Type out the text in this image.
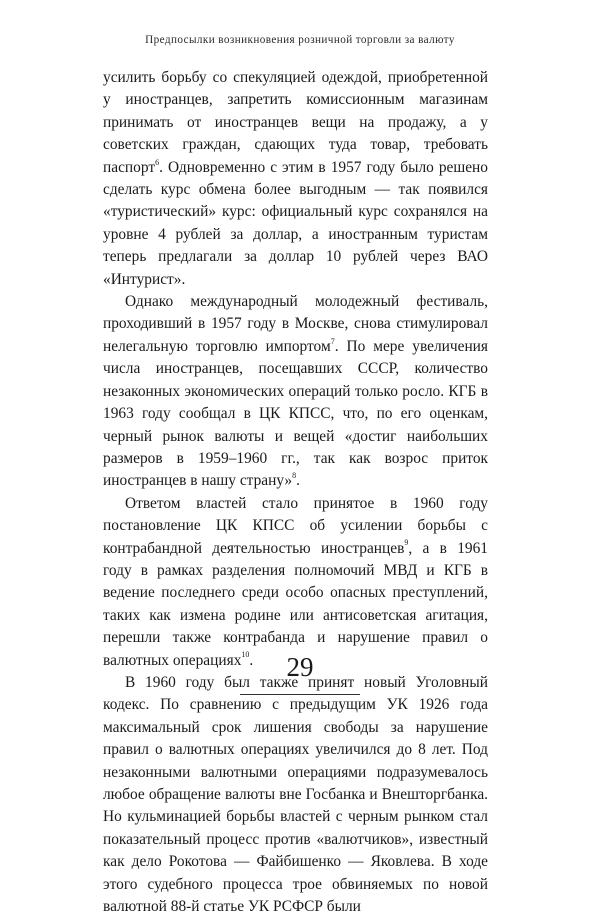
Предпосылки возникновения розничной торговли за валюту

усилить борьбу со спекуляцией одеждой, приобретенной у иностранцев, запретить комиссионным магазинам принимать от иностранцев вещи на продажу, а у советских граждан, сдающих туда товар, требовать паспорт$^6$. Одновременно с этим в 1957 году было решено сделать курс обмена более выгодным — так появился «туристический» курс: официальный курс сохранялся на уровне 4 рублей за доллар, а иностранным туристам теперь предлагали за доллар 10 рублей через ВАО «Интурист».

Однако международный молодежный фестиваль, проходивший в 1957 году в Москве, снова стимулировал нелегальную торговлю импортом$^7$. По мере увеличения числа иностранцев, посещавших СССР, количество незаконных экономических операций только росло. КГБ в 1963 году сообщал в ЦК КПСС, что, по его оценкам, черный рынок валюты и вещей «достиг наибольших размеров в 1959–1960 гг., так как возрос приток иностранцев в нашу страну»$^8$.

Ответом властей стало принятое в 1960 году постановление ЦК КПСС об усилении борьбы с контрабандной деятельностью иностранцев$^9$, а в 1961 году в рамках разделения полномочий МВД и КГБ в ведение последнего среди особо опасных преступлений, таких как измена родине или антисоветская агитация, перешли также контрабанда и нарушение правил о валютных операциях$^{10}$.

В 1960 году был также принят новый Уголовный кодекс. По сравнению с предыдущим УК 1926 года максимальный срок лишения свободы за нарушение правил о валютных операциях увеличился до 8 лет. Под незаконными валютными операциями подразумевалось любое обращение валюты вне Госбанка и Внешторгбанка. Но кульминацией борьбы властей с черным рынком стал показательный процесс против «валютчиков», известный как дело Рокотова — Файбишенко — Яковлева. В ходе этого судебного процесса трое обвиняемых по новой валютной 88-й статье УК РСФСР были

29
